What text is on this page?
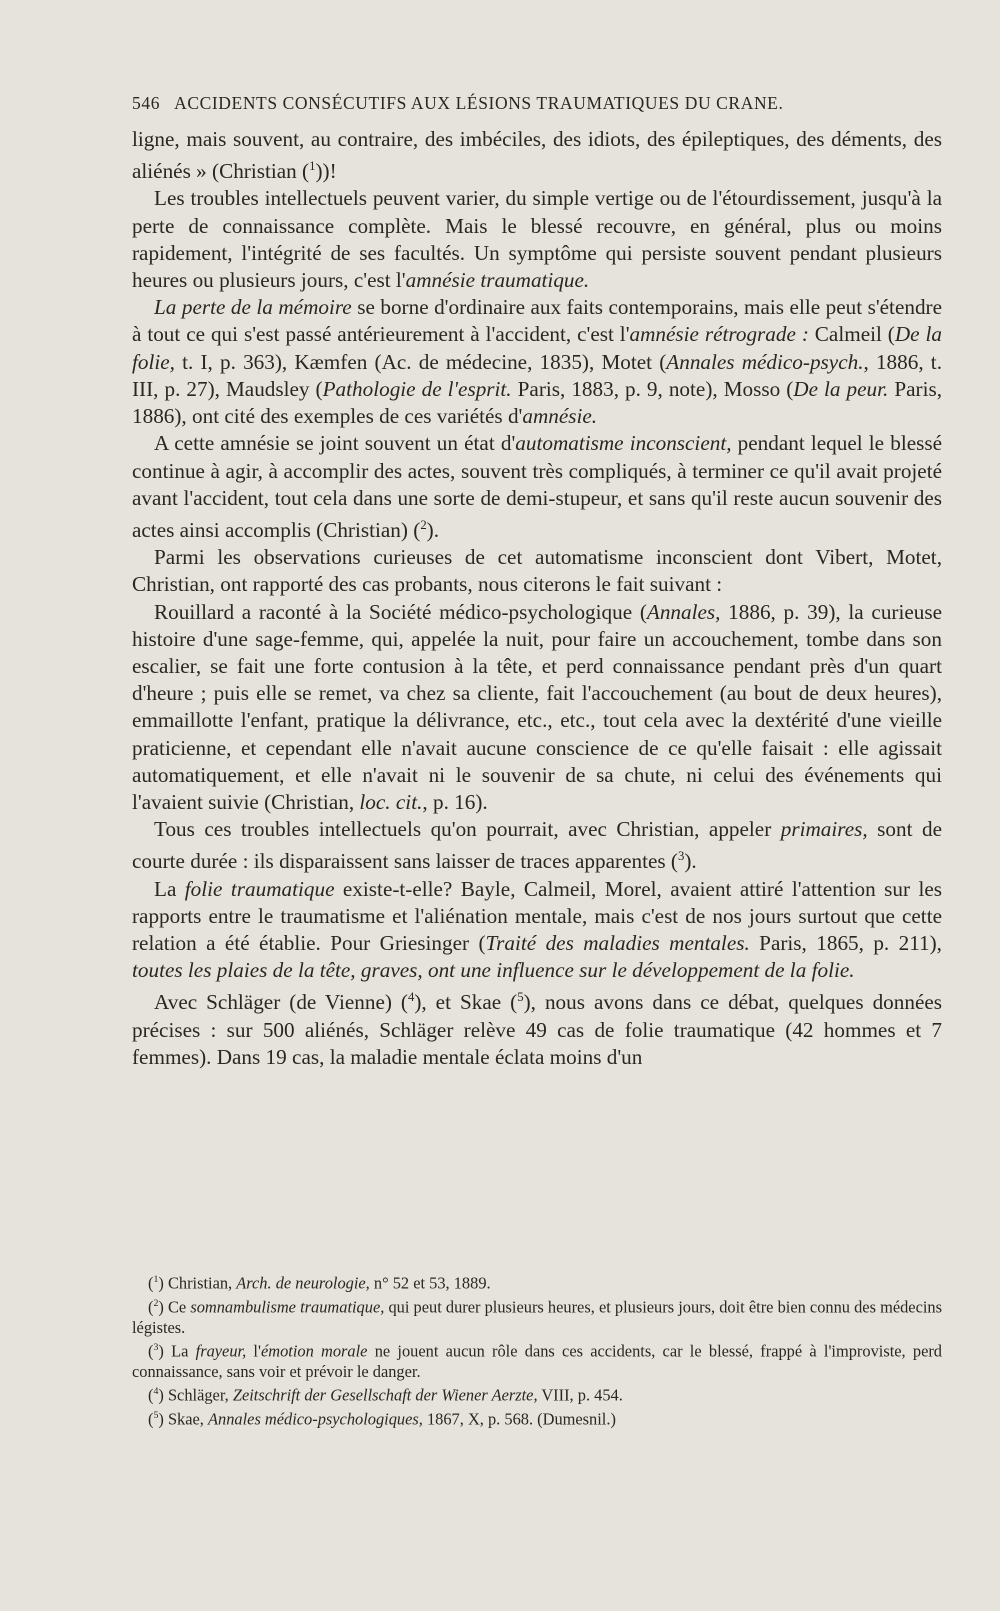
546 ACCIDENTS CONSÉCUTIFS AUX LÉSIONS TRAUMATIQUES DU CRANE.

ligne, mais souvent, au contraire, des imbéciles, des idiots, des épileptiques, des déments, des aliénés » (Christian ($^1$))!

Les troubles intellectuels peuvent varier, du simple vertige ou de l'étourdissement, jusqu'à la perte de connaissance complète. Mais le blessé recouvre, en général, plus ou moins rapidement, l'intégrité de ses facultés. Un symptôme qui persiste souvent pendant plusieurs heures ou plusieurs jours, c'est l'amnésie traumatique.

La perte de la mémoire se borne d'ordinaire aux faits contemporains, mais elle peut s'étendre à tout ce qui s'est passé antérieurement à l'accident, c'est l'amnésie rétrograde : Calmeil (De la folie, t. I, p. 363), Kæmfen (Ac. de médecine, 1835), Motet (Annales médico-psych., 1886, t. III, p. 27), Maudsley (Pathologie de l'esprit. Paris, 1883, p. 9, note), Mosso (De la peur. Paris, 1886), ont cité des exemples de ces variétés d'amnésie.

A cette amnésie se joint souvent un état d'automatisme inconscient, pendant lequel le blessé continue à agir, à accomplir des actes, souvent très compliqués, à terminer ce qu'il avait projeté avant l'accident, tout cela dans une sorte de demi-stupeur, et sans qu'il reste aucun souvenir des actes ainsi accomplis (Christian) ($^2$).

Parmi les observations curieuses de cet automatisme inconscient dont Vibert, Motet, Christian, ont rapporté des cas probants, nous citerons le fait suivant :

Rouillard a raconté à la Société médico-psychologique (Annales, 1886, p. 39), la curieuse histoire d'une sage-femme, qui, appelée la nuit, pour faire un accouchement, tombe dans son escalier, se fait une forte contusion à la tête, et perd connaissance pendant près d'un quart d'heure ; puis elle se remet, va chez sa cliente, fait l'accouchement (au bout de deux heures), emmaillotte l'enfant, pratique la délivrance, etc., etc., tout cela avec la dextérité d'une vieille praticienne, et cependant elle n'avait aucune conscience de ce qu'elle faisait : elle agissait automatiquement, et elle n'avait ni le souvenir de sa chute, ni celui des événements qui l'avaient suivie (Christian, loc. cit., p. 16).

Tous ces troubles intellectuels qu'on pourrait, avec Christian, appeler primaires, sont de courte durée : ils disparaissent sans laisser de traces apparentes ($^3$).

La folie traumatique existe-t-elle? Bayle, Calmeil, Morel, avaient attiré l'attention sur les rapports entre le traumatisme et l'aliénation mentale, mais c'est de nos jours surtout que cette relation a été établie. Pour Griesinger (Traité des maladies mentales. Paris, 1865, p. 211), toutes les plaies de la tête, graves, ont une influence sur le développement de la folie.

Avec Schläger (de Vienne) ($^4$), et Skae ($^5$), nous avons dans ce débat, quelques données précises : sur 500 aliénés, Schläger relève 49 cas de folie traumatique (42 hommes et 7 femmes). Dans 19 cas, la maladie mentale éclata moins d'un

($^1$) Christian, Arch. de neurologie, n° 52 et 53, 1889.

($^2$) Ce somnambulisme traumatique, qui peut durer plusieurs heures, et plusieurs jours, doit être bien connu des médecins légistes.

($^3$) La frayeur, l'émotion morale ne jouent aucun rôle dans ces accidents, car le blessé, frappé à l'improviste, perd connaissance, sans voir et prévoir le danger.

($^4$) Schläger, Zeitschrift der Gesellschaft der Wiener Aerzte, VIII, p. 454.

($^5$) Skae, Annales médico-psychologiques, 1867, X, p. 568. (Dumesnil.)
